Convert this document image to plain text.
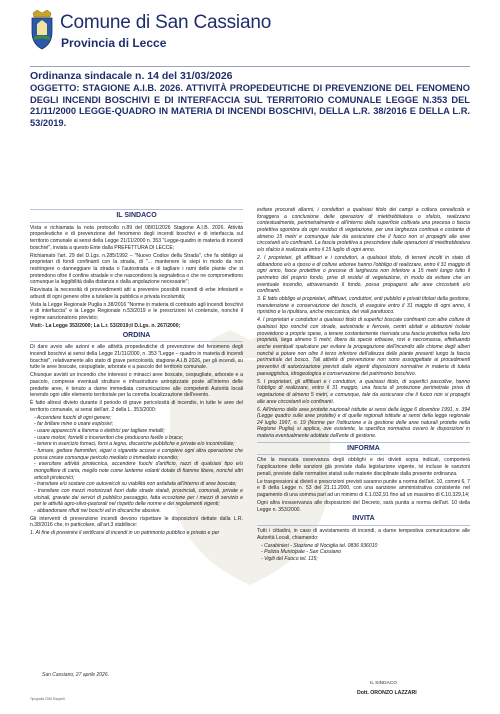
Comune di San Cassiano
Provincia di Lecce
Ordinanza sindacale n. 14 del 31/03/2026
OGGETTO: STAGIONE A.I.B. 2026. ATTIVITÀ PROPEDEUTICHE DI PREVENZIONE DEL FENOMENO DEGLI INCENDI BOSCHIVI E DI INTERFACCIA SUL TERRITORIO COMUNALE LEGGE N.353 DEL 21/11/2000 LEGGE-QUADRO IN MATERIA DI INCENDI BOSCHIVI, DELLA L.R. 38/2016 E DELLA L.R. 53/2019.
IL SINDACO

Vista e richiamata la nota protocollo n.89 del 08/01/2026 Stagione A.I.B. 2026. Attività propedeutiche e di prevenzione del fenomeno degli incendi boschivi e di interfaccia sul territorio comunale ai sensi della Legge 21/11/2000 n. 353 "Legge-quadro in materia di incendi boschivi", inviata a questo Ente dalla PREFETTURA DI LECCE;

Richiamato l'art. 29 del D.Lgs. n.285/1992 – "Nuovo Codice della Strada", che fa obbligo ai proprietari di fondi confinanti con la strada, di "... mantenere le siepi in modo da non restringere o danneggiare la strada o l'autostrada e di tagliare i rami delle piante che si protendono oltre il confine stradale e che nascondono la segnaletica o che ne compromettono comunque la leggibilità dalla distanza e dalla angolazione necessarie";

Ravvisata la necessità di provvedimenti atti a prevenire possibili incendi di erbe infestanti e arbusti di ogni genere oltre a tutelare la pubblica e privata incolumità;

Vista la Legge Regionale Puglia n.38/2016 "Norme in materia di contrasto agli incendi boschivi e di interfaccia" e la Legge Regionale n.53/2019 e le prescrizioni ivi contenute, nonché il regime sanzionatorio previsto;

Visti:- La Legge 353/2000; La L.r. 53/2019;il D.Lgs. n. 267/2000;

ORDINA

Di dare avvio alle azioni e alle attività propedeutiche di prevenzione del fenomeno degli incendi boschivi ai sensi della Legge 21/11/2000, n. 353 "Legge – quadro in materia di incendi boschivi", relativamente allo stato di grave pericolosità, stagione A.I.B 2026, per gli incendi, su tutte le aree boscate, cespugliate, arborate e a pascolo del territorio comunale.

Chiunque avvisti un incendio che interessi o minacci aree boscate, cespugliate, arborate e a pascolo, comprese eventuali strutture e infrastrutture antropizzate poste all'interno delle predette aree, è tenuto a darne immediata comunicazione alle competenti Autorità locali tenendo ogni utile elemento territoriale per la corretta localizzazione dell'evento.

È fatto altresì divieto durante il periodo di grave pericolosità di incendio, in tutte le aree del territorio comunale, ai sensi dell'art. 2 della L. 353/2000:

- Accendere fuochi di ogni genere;
- far brillare mine o usare esplosivi;
- usare apparecchi a fiamma o elettrici per tagliare metalli;
- usare motori, fornelli o inceneritori che producono faville o brace;
- tenere in esercizio fornaci, forni a legna, discariche pubbliche e private e/o incontrollate;
- fumare, gettare fiammiferi, sigari o sigarette accese e compiere ogni altra operazione che possa creare comunque pericolo mediato o immediato incendio;
- esercitare attività pirotecnica, accendere fuochi d'artificio, razzi di qualsiasi tipo e/o mongolfiere di carta, meglio note come lanterne volanti dotate di fiamme libere, nonché altri articoli pirotecnici;
- transitare e/o sostare con autoveicoli su viabilità non asfaltata all'interno di aree boscate;
- transitare con mezzi motorizzati fuori dalle strade statali, provinciali, comunali, private e vicinali, gravate dai servizi di pubblico passaggio, fatta eccezione per i mezzi di servizio e per le attività agro-silvo-pastorali nel rispetto delle norme e dei regolamenti vigenti;
- abbandonare rifiuti nei boschi ed in discariche abusive.

Gli interventi di prevenzione incendi devono rispettare le disposizioni dettate dalla L.R. n.38/2016 che, in particolare, all'art.3 stabilisce:

1. Al fine di prevenire il verificarsi di incendi in un patrimonio pubblico e privato e per

evitare procurati allarmi, i conduttori a qualsiasi titolo dei campi a coltura cerealicola e foraggera a conclusione delle operazioni di mietitrebbiatura o sfalcio, realizzano contestualmente, perimetralmente e all'interno della superficie coltivata una precesa o fascia protettiva sgombra da ogni residuo di vegetazione, per una larghezza continua e costante di almeno 15 metri e comunque tale da assicurare che il fuoco non si propaghi alle aree circostanti e/o confinanti. La fascia protettiva a prescindere dalle operazioni di mietitrebbiatura e/o sfalcio è realizzata entro il 15 luglio di ogni anno.

2. I proprietari, gli affittuari e i conduttori, a qualsiasi titolo, di terreni incolti in stato di abbandono e/o a riposo e di colture arboree hanno l'obbligo di realizzare, entro il 31 maggio di ogni anno, fasce protettive o precese di larghezza non inferiore a 15 metri lungo tutto il perimetro del proprio fondo, prive di residui di vegetazione, in modo da evitare che un eventuale incendio, attraversando il fondo, possa propagarsi alle aree circostanti e/o confinanti.

3. È fatto obbligo ai proprietari, affittuari, conduttori, enti pubblici e privati titolari della gestione, manutenzione e conservazione dei boschi, di eseguire entro il 31 maggio di ogni anno, il ripristino e la ripulitura, anche meccanica, dei viali parafuoco.

4. I proprietari e conduttori a qualsiasi titolo di superfici boscate confinanti con altre colture di qualsiasi tipo nonché con strade, autostrade e ferrovie, centri abitati e abitazioni isolate provvedono a proprie spese, a tenere costantemente riservata una fascia protettiva nella loro proprietà, larga almeno 5 metri, libera da specie erbacee, rovi e necromassa, effettuando anche eventuali spalcature per evitare la propagazione dell'incendio alle chiome degli alberi nonché a potare non oltre il terzo inferiore dell'altezza delle piante presenti lungo la fascia perimetrale del bosco. Tali attività di prevenzione non sono assoggettate ai procedimenti preventivi di autorizzazione previsti dalle vigenti disposizioni normative in materia di tutela paesaggistica, idrogeologica e conservazione del patrimonio boschivo.

5. I proprietari, gli affittuari e i conduttori, a qualsiasi titolo, di superfici pascolive, hanno l'obbligo di realizzare, entro il 31 maggio, una fascia di protezione perimetrale priva di vegetazione di almeno 5 metri, e comunque, tale da assicurare che il fuoco non si propaghi alle aree circostanti e/o confinanti.

6. All'interno delle aree protette nazionali istituite ai sensi della legge 6 dicembre 1991, n. 394 (Legge quadro sulle aree protette) e di quelle regionali istituite ai sensi della legge regionale 24 luglio 1997, n. 19 (Norme per l'istituzione e la gestione delle aree naturali protette nella Regione Puglia) si applica, ove esistente, la specifica normativa ovvero le disposizioni in materia eventualmente adottate dall'ente di gestione.

INFORMA

Che la mancata osservanza degli obblighi e dei divieti sopra indicati, comporterà l'applicazione delle sanzioni già previste dalla legislazione vigente, ivi incluse le sanzioni penali, previste dalle normative statali sulle materie disciplinate dalla presente ordinanza.

Le trasgressioni ai divieti e prescrizioni previsti saranno punite a norma dell'art. 10, commi 6, 7 e 8 della Legge n. 53 del 21.11.2000, con una sanzione amministrativa consistente nel pagamento di una somma pari ad un minimo di €.1.032,91 fino ad un massimo di €.10.329,14;

Ogni altra inosservanza alle disposizioni del Decreto, sarà punita a norma dell'art. 10 della Legge n. 353/2000.

INVITA

Tutti i cittadini, in caso di avvistamento di incendi, a darne tempestiva comunicazione alle Autorità Locali, chiamando:

- Carabinieri - Stazione di Nociglia tel. 0836 936010
- Polizia Municipale - San Cassiano
- Vigili del Fuoco tel. 115;
San Cassiano, 27 aprile 2026.
IL SINDACO
Dott. ORONZO LAZZARI
Tipografia 2026 Rapporti
